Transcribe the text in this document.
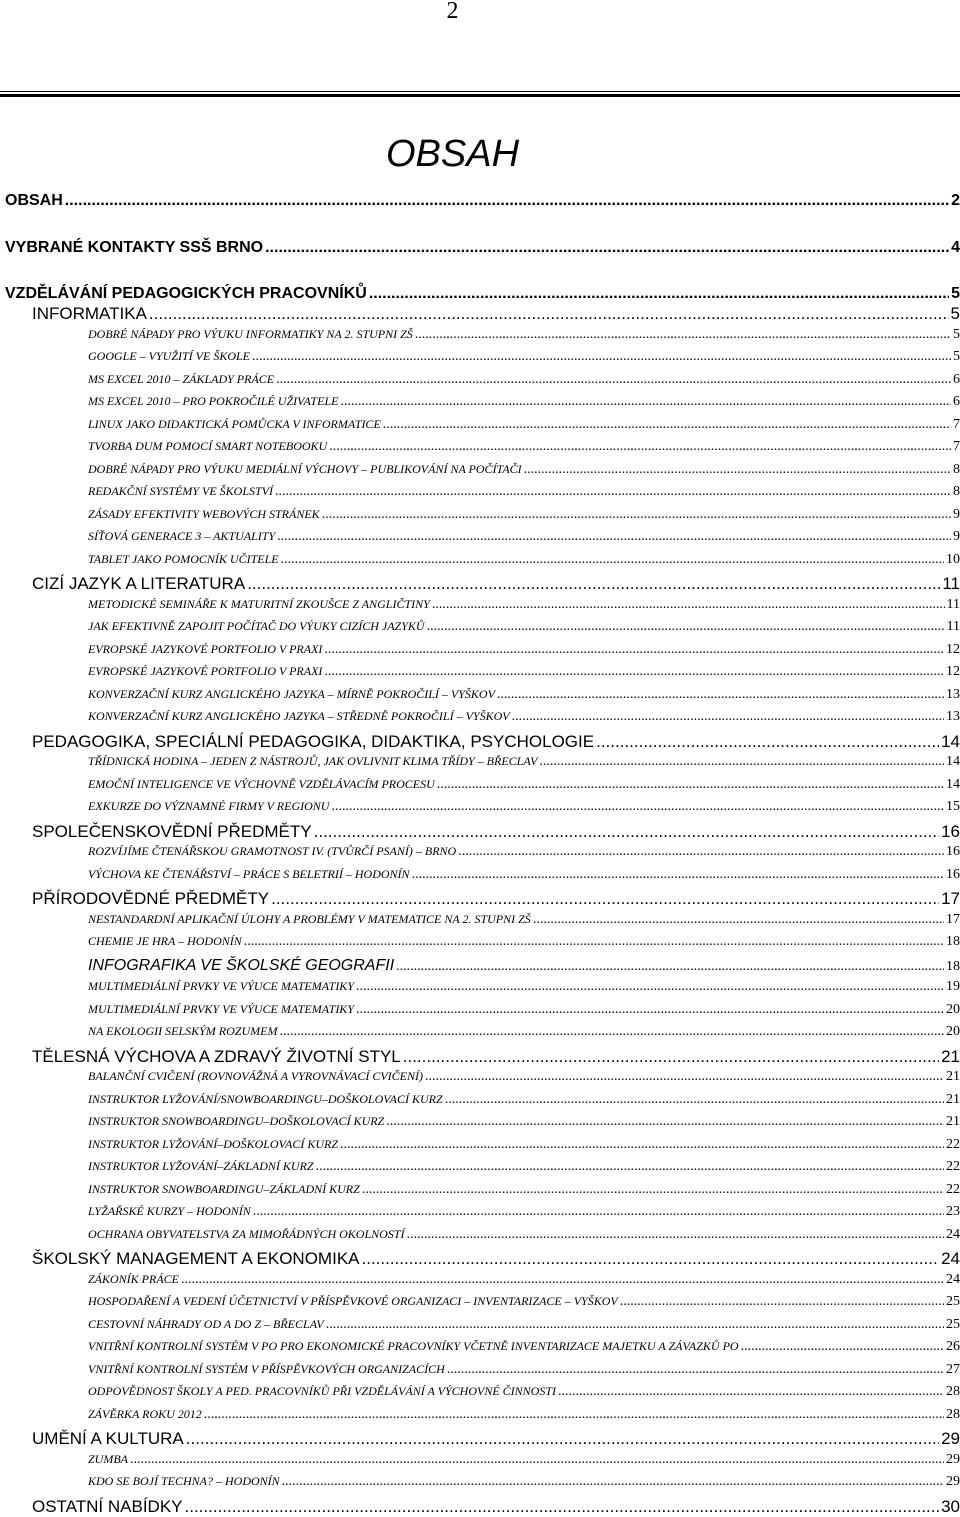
2
OBSAH
OBSAH .....	2
VYBRANÉ KONTAKTY SSŠ BRNO .....	4
VZDĚLÁVÁNÍ PEDAGOGICKÝCH PRACOVNÍKŮ .....	5
INFORMATIKA .....	5
DOBRÉ NÁPADY PRO VÝUKU INFORMATIKY NA 2. STUPNI ZŠ .....	5
GOOGLE – VYUŽITÍ VE ŠKOLE .....	5
MS EXCEL 2010 – ZÁKLADY PRÁCE .....	6
MS EXCEL 2010 – PRO POKROČILÉ UŽIVATELE .....	6
LINUX JAKO DIDAKTICKÁ POMŮCKA V INFORMATICE .....	7
TVORBA DUM POMOCÍ SMART NOTEBOOKU .....	7
DOBRÉ NÁPADY PRO VÝUKU MEDIÁLNÍ VÝCHOVY – PUBLIKOVÁNÍ NA POČÍTAČI .....	8
REDAKČNÍ SYSTÉMY VE ŠKOLSTVÍ .....	8
ZÁSADY EFEKTIVITY WEBOVÝCH STRÁNEK .....	9
SÍŤOVÁ GENERACE 3 – AKTUALITY .....	9
TABLET JAKO POMOCNÍK UČITELE .....	10
CIZÍ JAZYK A LITERATURA .....	11
METODICKÉ SEMINÁŘE K MATURITNÍ ZKOUŠCE Z ANGLIČTINY .....	11
JAK EFEKTIVNĚ ZAPOJIT POČÍTAČ DO VÝUKY CIZÍCH JAZYKŮ .....	11
EVROPSKÉ JAZYKOVÉ PORTFOLIO V PRAXI .....	12
EVROPSKÉ JAZYKOVÉ PORTFOLIO V PRAXI .....	12
KONVERZAČNÍ KURZ ANGLICKÉHO JAZYKA – MÍRNĚ POKROČILÍ – VYŠKOV .....	13
KONVERZAČNÍ KURZ ANGLICKÉHO JAZYKA – STŘEDNĚ POKROČILÍ – VYŠKOV .....	13
PEDAGOGIKA, SPECIÁLNÍ PEDAGOGIKA, DIDAKTIKA, PSYCHOLOGIE .....	14
TŘÍDNICKÁ HODINA – JEDEN Z NÁSTROJŮ, JAK OVLIVNIT KLIMA TŘÍDY – BŘECLAV .....	14
EMOČNÍ INTELIGENCE VE VÝCHOVNĚ VZDĚLÁVACÍM PROCESU .....	14
EXKURZE DO VÝZNAMNÉ FIRMY V REGIONU .....	15
SPOLEČENSKOVĚDNÍ PŘEDMĚTY .....	16
ROZVÍJÍME ČTENÁŘSKOU GRAMOTNOST IV. (TVŮRČÍ PSANÍ) – BRNO .....	16
VÝCHOVA KE ČTENÁŘSTVÍ – PRÁCE S BELETRIÍ – HODONÍN .....	16
PŘÍRODOVĚDNÉ PŘEDMĚTY .....	17
NESTANDARDNÍ APLIKAČNÍ ÚLOHY A PROBLÉMY V MATEMATICE NA 2. STUPNI ZŠ .....	17
CHEMIE JE HRA – HODONÍN .....	18
INFOGRAFIKA VE ŠKOLSKÉ GEOGRAFII .....	18
MULTIMEDIÁLNÍ PRVKY VE VÝUCE MATEMATIKY .....	19
MULTIMEDIÁLNÍ PRVKY VE VÝUCE MATEMATIKY .....	20
NA EKOLOGII SELSKÝM ROZUMEM .....	20
TĚLESNÁ VÝCHOVA A ZDRAVÝ ŽIVOTNÍ STYL .....	21
BALANČNÍ CVIČENÍ (ROVNOVÁŽNÁ A VYROVNÁVACÍ CVIČENÍ) .....	21
INSTRUKTOR LYŽOVÁNÍ/SNOWBOARDINGU–DOŠKOLOVACÍ KURZ .....	21
INSTRUKTOR SNOWBOARDINGU–DOŠKOLOVACÍ KURZ .....	21
INSTRUKTOR LYŽOVÁNÍ–DOŠKOLOVACÍ KURZ .....	22
INSTRUKTOR LYŽOVÁNÍ–ZÁKLADNÍ KURZ .....	22
INSTRUKTOR SNOWBOARDINGU–ZÁKLADNÍ KURZ .....	22
LYŽAŘSKÉ KURZY – HODONÍN .....	23
OCHRANA OBYVATELSTVA ZA MIMOŘÁDNÝCH OKOLNOSTÍ .....	24
ŠKOLSKÝ MANAGEMENT A EKONOMIKA .....	24
ZÁKONÍK PRÁCE .....	24
HOSPODAŘENÍ A VEDENÍ ÚČETNICTVÍ V PŘÍSPĚVKOVÉ ORGANIZACI – INVENTARIZACE – VYŠKOV .....	25
CESTOVNÍ NÁHRADY OD A DO Z – BŘECLAV .....	25
VNITŘNÍ KONTROLNÍ SYSTÉM V PO PRO EKONOMICKÉ PRACOVNÍKY VČETNĚ INVENTARIZACE MAJETKU A ZÁVAZKŮ PO .....	26
VNITŘNÍ KONTROLNÍ SYSTÉM V PŘÍSPĚVKOVÝCH ORGANIZACÍCH .....	27
ODPOVĚDNOST ŠKOLY A PED. PRACOVNÍKŮ PŘI VZDĚLÁVÁNÍ A VÝCHOVNÉ ČINNOSTI .....	28
ZÁVĚRKA ROKU 2012 .....	28
UMĚNÍ A KULTURA .....	29
ZUMBA .....	29
KDO SE BOJÍ TECHNA? – HODONÍN .....	29
OSTATNÍ NABÍDKY .....	30
